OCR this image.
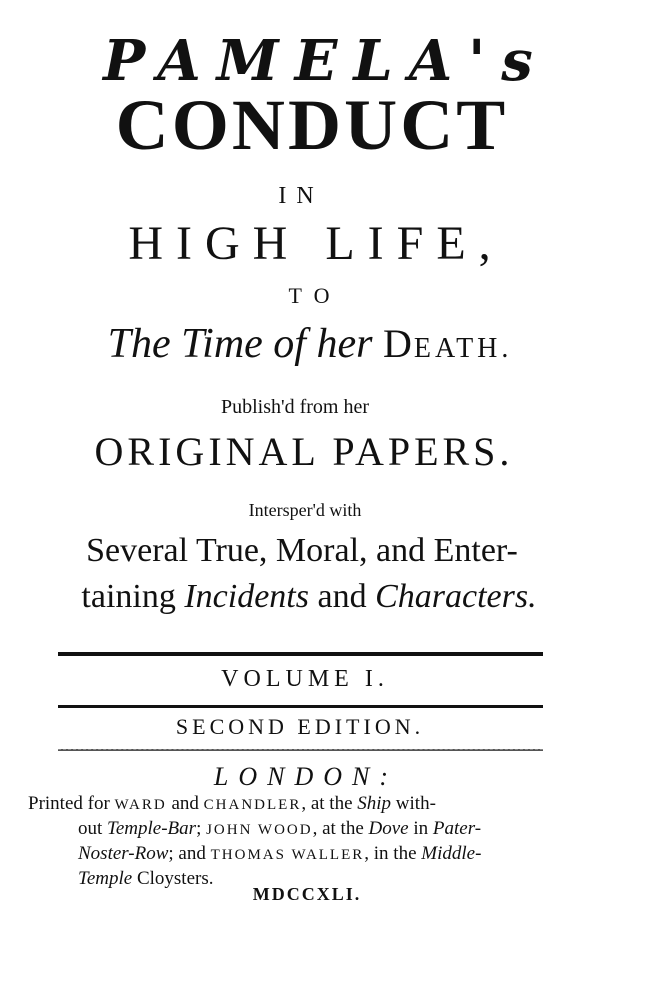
PAMELA's
CONDUCT
IN
HIGH LIFE,
TO
The Time of her DEATH.
Publish'd from her
ORIGINAL PAPERS.
Intersper'd with
Several True, Moral, and Enter-
taining Incidents and Characters.
VOLUME I.
SECOND EDITION.
LONDON:
Printed for WARD and CHANDLER, at the Ship with-
out Temple-Bar; JOHN WOOD, at the Dove in Pater-
Noster-Row; and THOMAS WALLER, in the Middle-
Temple Cloysters.
MDCCXLI.
